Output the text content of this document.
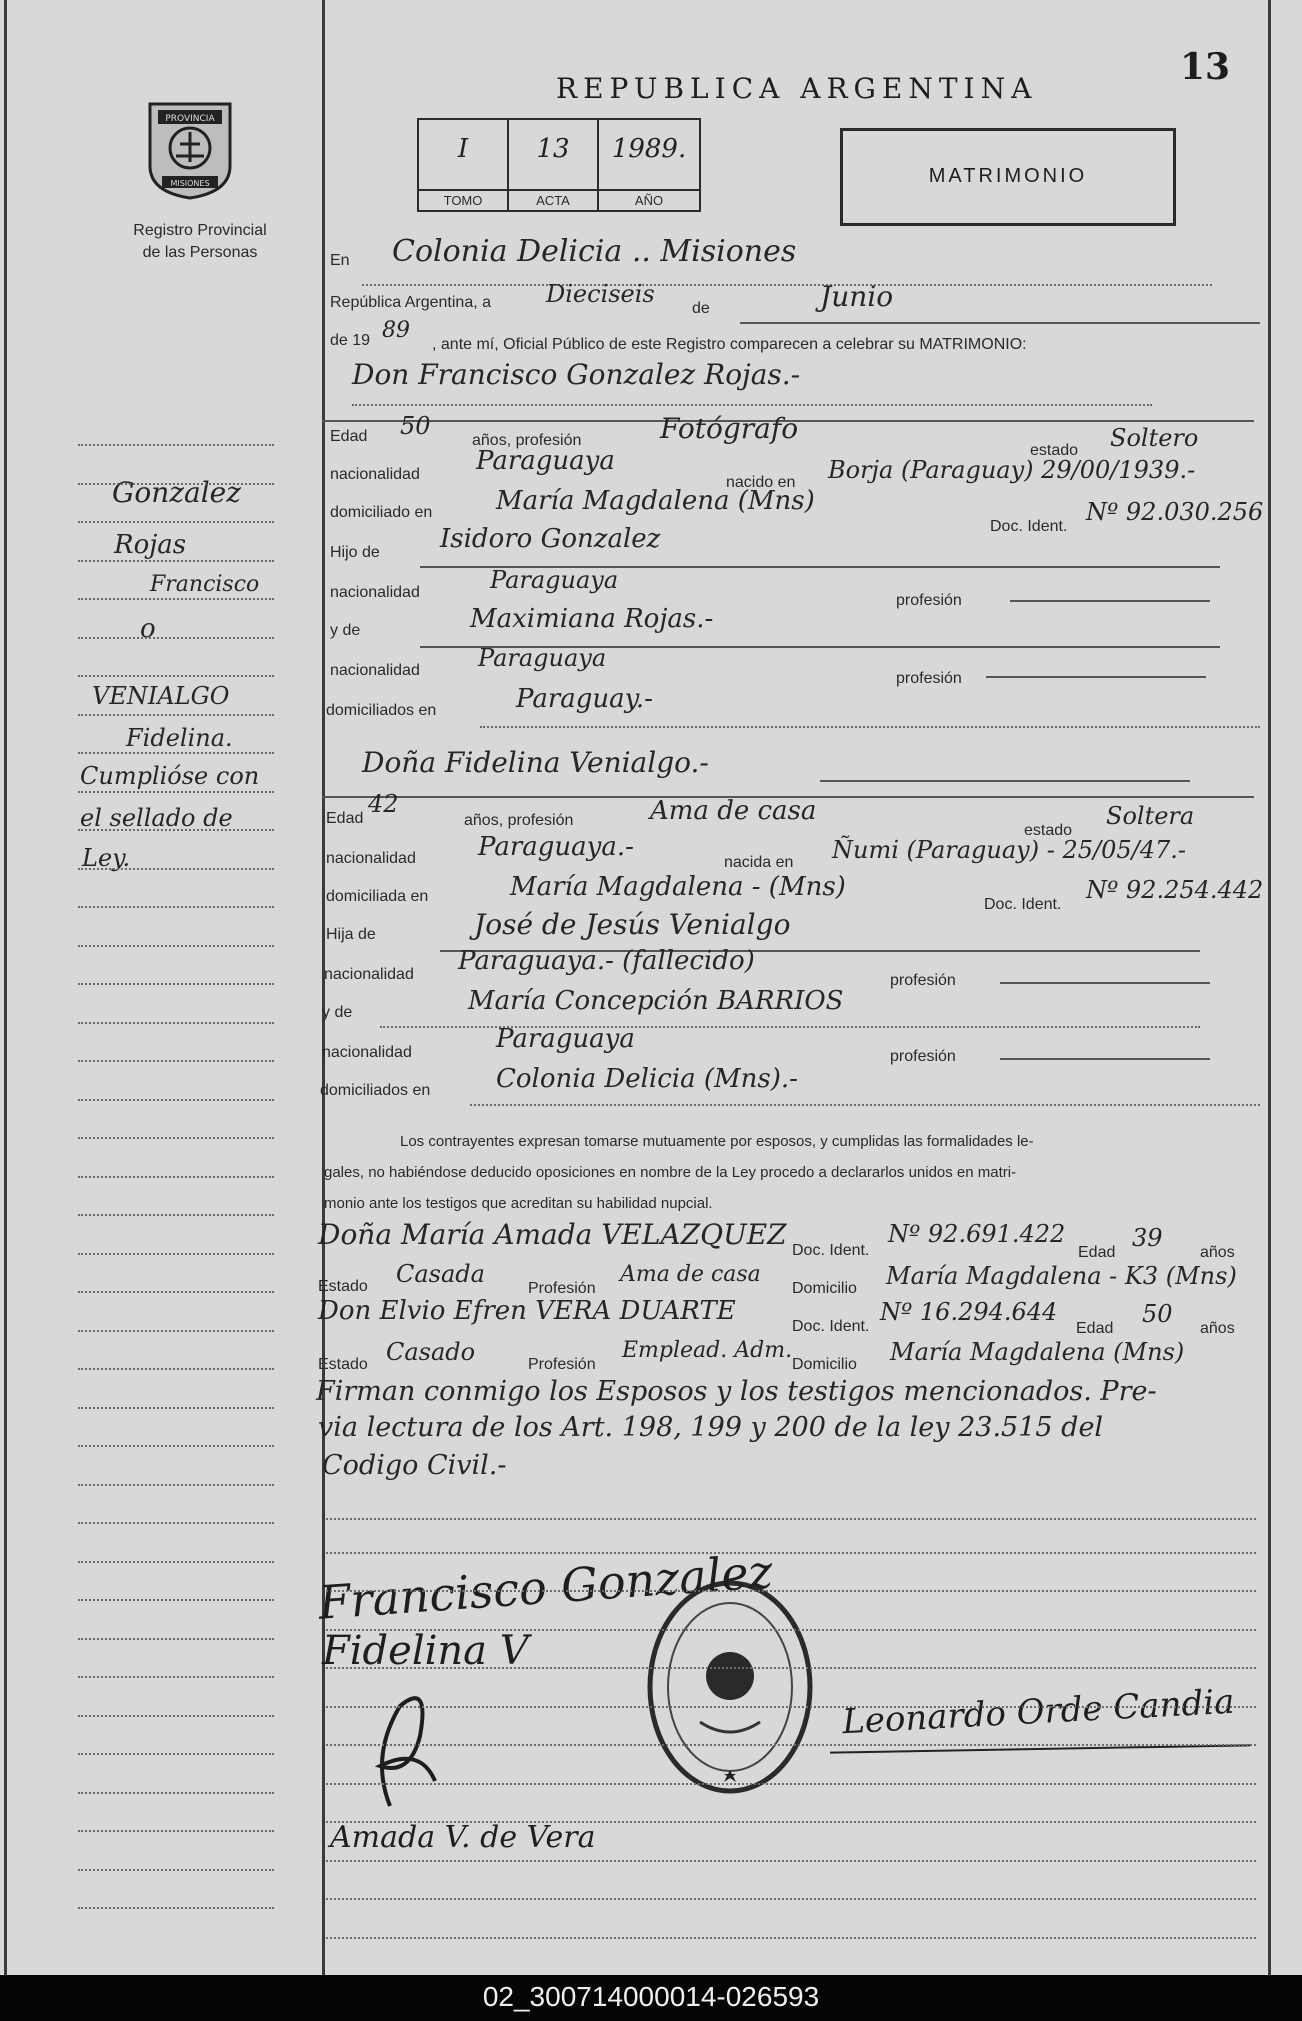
REPUBLICA ARGENTINA
13
PROVINCIA
MISIONES
Registro Provincial
de las Personas
I
TOMO
13
ACTA
1989.
AÑO
MATRIMONIO
En Colonia Delicia .. Misiones
República Argentina, a Dieciseis
de	Junio
de 19 89
, ante mí, Oficial Público de este Registro comparecen a celebrar su MATRIMONIO:
Don Francisco Gonzalez Rojas.-
Edad 50
años, profesión	Fotógrafo
estado Soltero
nacionalidad Paraguaya
nacido en Borja (Paraguay) 29/00/1939.-
domiciliado en María Magdalena (Mns)
Doc. Ident.
Nº 92.030.256
Hijo de Isidoro Gonzalez
nacionalidad	Paraguaya
profesión
y de	Maximiana Rojas.-
nacionalidad Paraguaya
profesión
domiciliados en	Paraguay.-
Doña Fidelina Venialgo.-
Edad
42
años, profesión	Ama de casa
estado
Soltera
nacionalidad Paraguaya.-
nacida en Ñumi (Paraguay) - 25/05/47.-
domiciliada en	María Magdalena - (Mns)
Doc. Ident.
Nº 92.254.442
Hija de	José de Jesús Venialgo
nacionalidad Paraguaya.- (fallecido)
profesión
y de	María Concepción BARRIOS
nacionalidad	Paraguaya
profesión
domiciliados en	Colonia Delicia (Mns).-
Los contrayentes expresan tomarse mutuamente por esposos, y cumplidas las formalidades le-
gales, no habiéndose deducido oposiciones en nombre de la Ley procedo a declararlos unidos en matri-
monio ante los testigos que acreditan su habilidad nupcial.
Doña María Amada VELAZQUEZ Doc. Ident.
Nº 92.691.422
Edad
39
años
Estado Casada
Profesión
Ama de casa
Domicilio María Magdalena - K3 (Mns)
Don Elvio Efren VERA DUARTE
Doc. Ident.
Nº 16.294.644
Edad
50
años
Estado Casado	Profesión
Emplead. Adm.
Domicilio María Magdalena (Mns)
Firman conmigo los Esposos y los testigos mencionados. Pre-
via lectura de los Art. 198, 199 y 200 de la ley 23.515 del
Codigo Civil.-
Gonzalez
Rojas
Francisco
o
VENIALGO
Fidelina.
Cumplióse con
el sellado de
Ley.
Francisco Gonzalez
Fidelina V
Amada V. de Vera
Leonardo Orde Candia
02_300714000014-026593
